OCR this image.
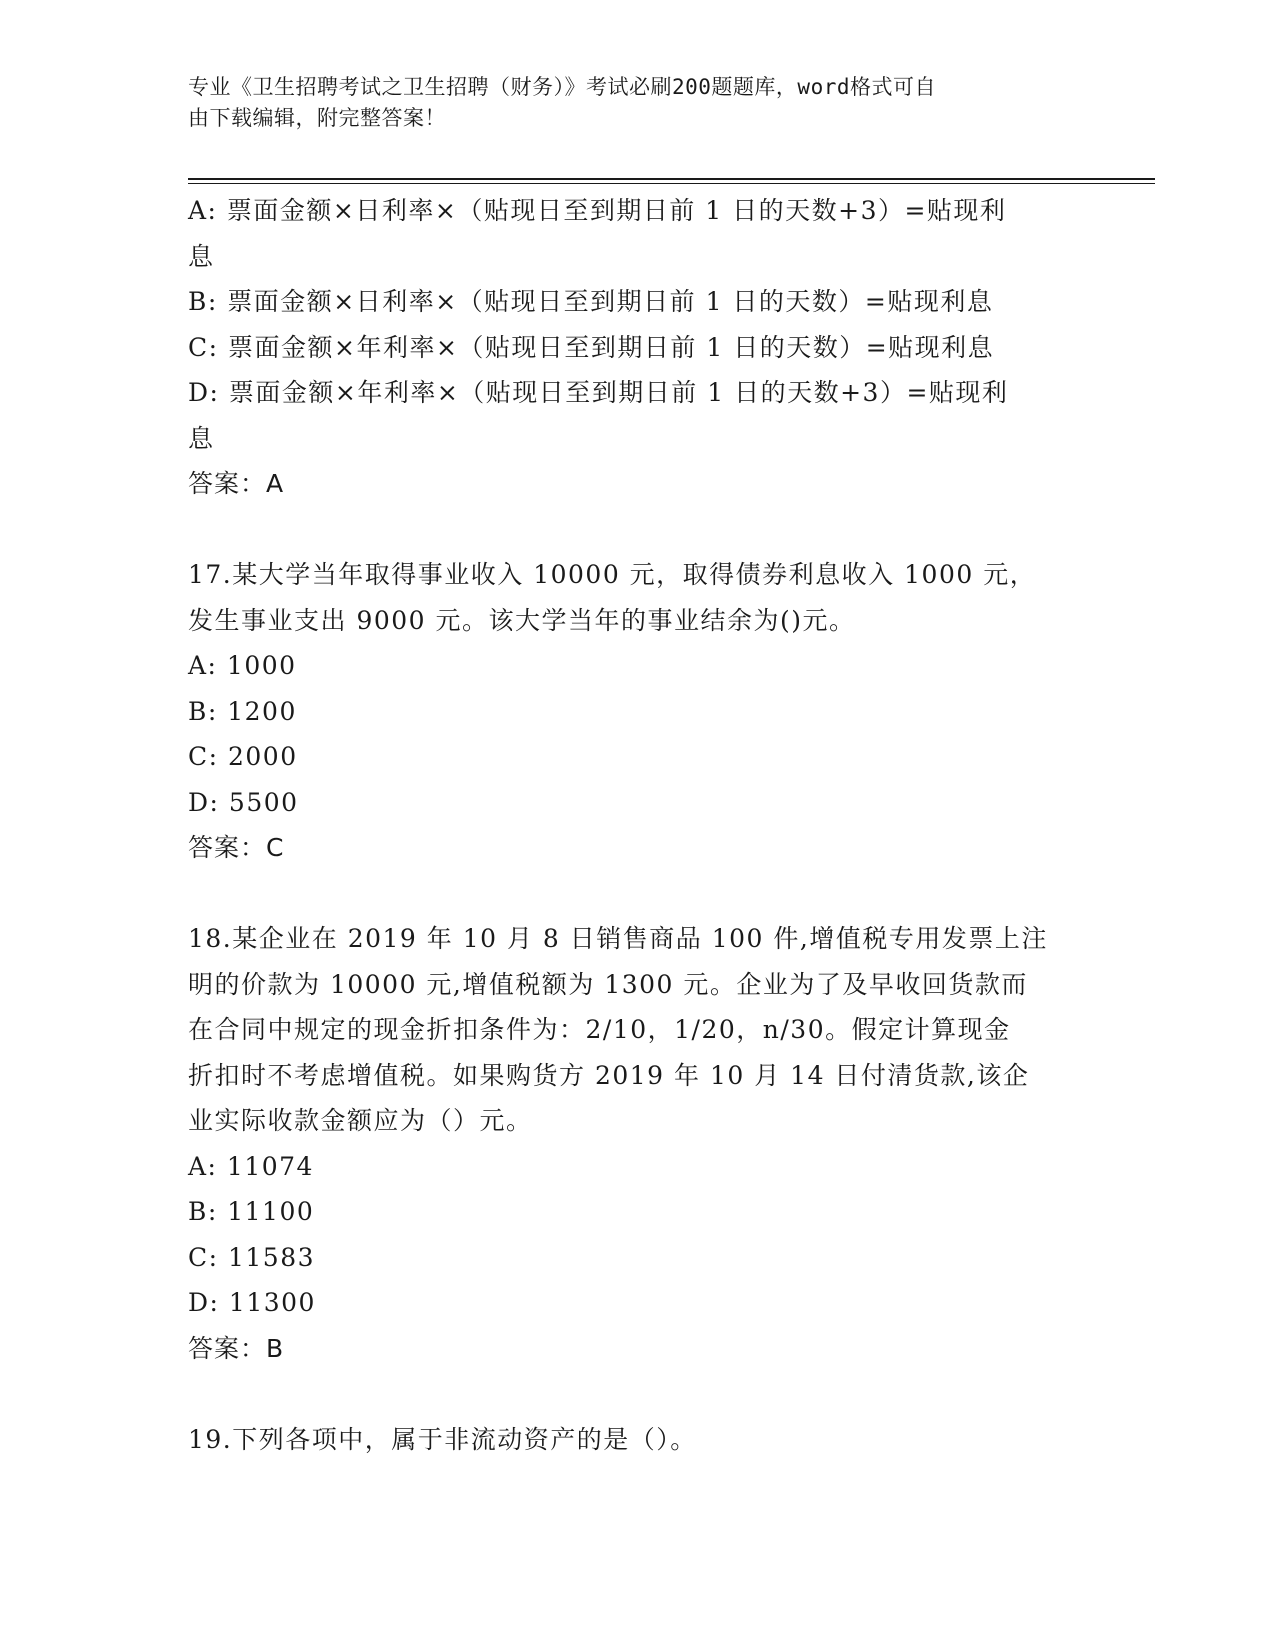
专业《卫生招聘考试之卫生招聘（财务）》考试必刷200题题库，word格式可自
由下载编辑，附完整答案！
A: 票面金额×日利率×（贴现日至到期日前 1 日的天数+3）=贴现利
息
B: 票面金额×日利率×（贴现日至到期日前 1 日的天数）=贴现利息
C: 票面金额×年利率×（贴现日至到期日前 1 日的天数）=贴现利息
D: 票面金额×年利率×（贴现日至到期日前 1 日的天数+3）=贴现利
息
答案：A
17.某大学当年取得事业收入 10000 元，取得债券利息收入 1000 元，
发生事业支出 9000 元。该大学当年的事业结余为()元。
A: 1000
B: 1200
C: 2000
D: 5500
答案：C
18.某企业在 2019 年 10 月 8 日销售商品 100 件,增值税专用发票上注
明的价款为 10000 元,增值税额为 1300 元。企业为了及早收回货款而
在合同中规定的现金折扣条件为：2/10，1/20，n/30。假定计算现金
折扣时不考虑增值税。如果购货方 2019 年 10 月 14 日付清货款,该企
业实际收款金额应为（）元。
A: 11074
B: 11100
C: 11583
D: 11300
答案：B
19.下列各项中，属于非流动资产的是（）。
